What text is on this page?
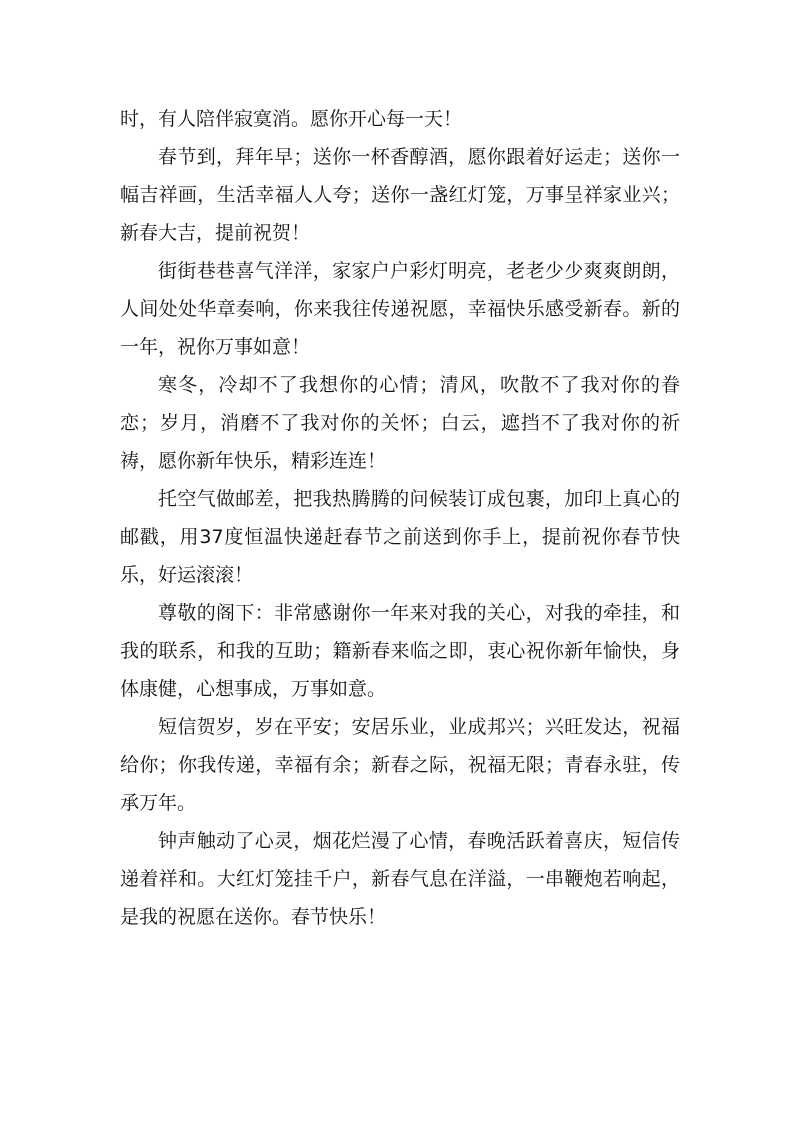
时，有人陪伴寂寞消。愿你开心每一天！

春节到，拜年早；送你一杯香醇酒，愿你跟着好运走；送你一幅吉祥画，生活幸福人人夸；送你一盏红灯笼，万事呈祥家业兴；新春大吉，提前祝贺！

街街巷巷喜气洋洋，家家户户彩灯明亮，老老少少爽爽朗朗，人间处处华章奏响，你来我往传递祝愿，幸福快乐感受新春。新的一年，祝你万事如意！

寒冬，冷却不了我想你的心情；清风，吹散不了我对你的眷恋；岁月，消磨不了我对你的关怀；白云，遮挡不了我对你的祈祷，愿你新年快乐，精彩连连！

托空气做邮差，把我热腾腾的问候装订成包裹，加印上真心的邮戳，用37度恒温快递赶春节之前送到你手上，提前祝你春节快乐，好运滚滚！

尊敬的阁下：非常感谢你一年来对我的关心，对我的牵挂，和我的联系，和我的互助；籍新春来临之即，衷心祝你新年愉快，身体康健，心想事成，万事如意。

短信贺岁，岁在平安；安居乐业，业成邦兴；兴旺发达，祝福给你；你我传递，幸福有余；新春之际，祝福无限；青春永驻，传承万年。

钟声触动了心灵，烟花烂漫了心情，春晚活跃着喜庆，短信传递着祥和。大红灯笼挂千户，新春气息在洋溢，一串鞭炮若响起，是我的祝愿在送你。春节快乐！
